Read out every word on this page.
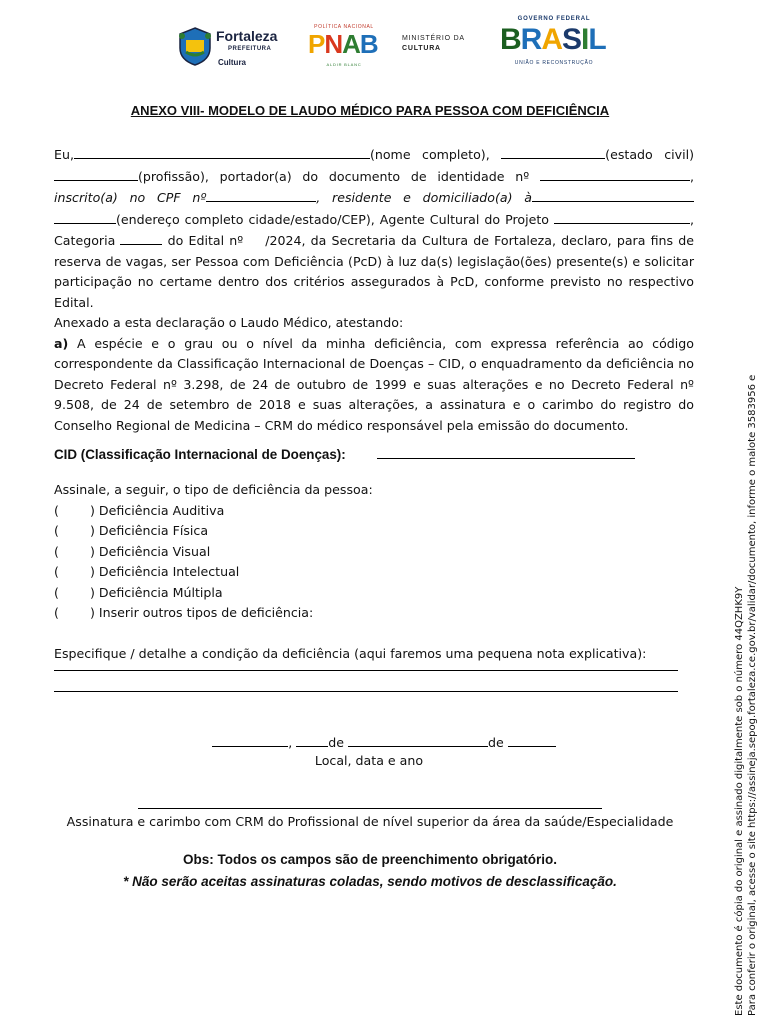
Fortaleza
PREFEITURA
Cultura
POLÍTICA NACIONAL
PNAB
ALDIR BLANC
MINISTÉRIO DA
CULTURA
GOVERNO FEDERAL
BRASIL
UNIÃO E RECONSTRUÇÃO
ANEXO VIII- MODELO DE LAUDO MÉDICO PARA PESSOA COM DEFICIÊNCIA
Eu,	(nome completo),	(estado civil)
(profissão), portador(a) do documento de identidade nº	,
inscrito(a) no CPF nº	, residente e domiciliado(a) à
(endereço completo cidade/estado/CEP), Agente Cultural do Projeto	,
Categoria	do Edital nº /2024, da Secretaria da Cultura de Fortaleza, declaro, para fins de
reserva de vagas, ser Pessoa com Deficiência (PcD) à luz da(s) legislação(ões) presente(s) e solicitar participação no certame dentro dos critérios assegurados à PcD, conforme previsto no respectivo Edital.
Anexado a esta declaração o Laudo Médico, atestando:
a) A espécie e o grau ou o nível da minha deficiência, com expressa referência ao código correspondente da Classificação Internacional de Doenças – CID, o enquadramento da deficiência no Decreto Federal nº 3.298, de 24 de outubro de 1999 e suas alterações e no Decreto Federal nº 9.508, de 24 de setembro de 2018 e suas alterações, a assinatura e o carimbo do registro do Conselho Regional de Medicina – CRM do médico responsável pela emissão do documento.
CID (Classificação Internacional de Doenças):
Assinale, a seguir, o tipo de deficiência da pessoa:
( ) Deficiência Auditiva
( ) Deficiência Física
( ) Deficiência Visual
( ) Deficiência Intelectual
( ) Deficiência Múltipla
( ) Inserir outros tipos de deficiência:
Especifique / detalhe a condição da deficiência (aqui faremos uma pequena nota explicativa):
,	de	de
Local, data e ano
Assinatura e carimbo com CRM do Profissional de nível superior da área da saúde/Especialidade
Obs: Todos os campos são de preenchimento obrigatório.
* Não serão aceitas assinaturas coladas, sendo motivos de desclassificação.	Este documento é cópia do original e assinado digitalmente sob o número 44QZHK9Y Para conferir o original, acesse o site https://assineja.sepog.fortaleza.ce.gov.br/validar/documento, informe o malote 3583956 e
